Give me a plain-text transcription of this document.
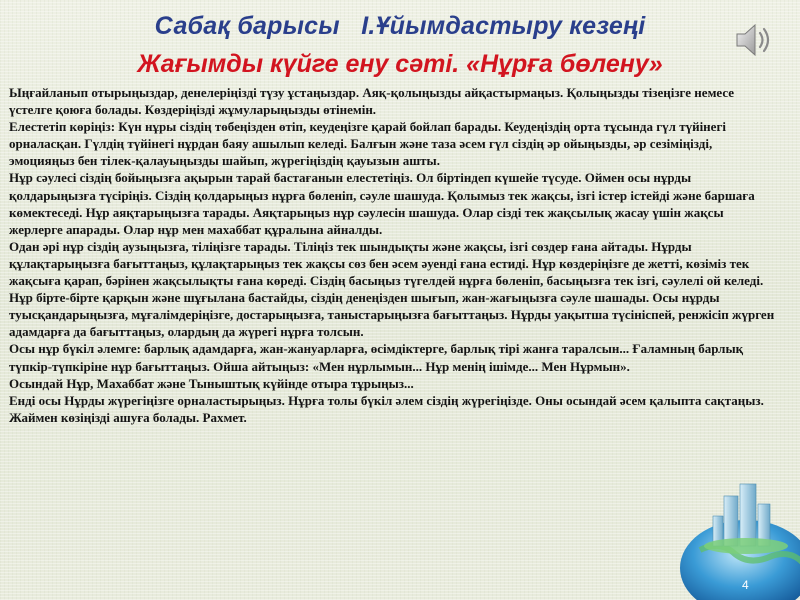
Сабақ барысы   І.Ұйымдастыру кезеңі
Жағымды күйге ену сәті. «Нұрға бөлену»

Ыңғайланып отырыңыздар, денелеріңізді түзу ұстаңыздар. Аяқ-қолыңызды айқастырмаңыз. Қолыңызды тізеңізге немесе үстелге қоюға болады. Көздеріңізді жұмуларыңызды өтінемін.

Елестетіп көріңіз: Күн нұры сіздің төбеңізден өтіп, кеудеңізге қарай бойлап барады. Кеудеңіздің орта тұсында гүл түйінегі орналасқан. Гүлдің түйінегі нұрдан баяу ашылып келеді. Балғын және таза әсем гүл сіздің әр ойыңызды, әр сезіміңізді, эмоцияңыз бен тілек-қалауыңызды шайып, жүрегіңіздің қауызын ашты.

Нұр сәулесі сіздің бойыңызға ақырын тарай бастағанын елестетіңіз. Ол біртіндеп күшейе түсуде. Оймен осы нұрды қолдарыңызға түсіріңіз. Сіздің қолдарыңыз нұрға бөленіп, сәуле шашуда. Қолымыз тек жақсы, ізгі істер істейді және баршаға көмектеседі. Нұр аяқтарыңызға тарады. Аяқтарыңыз нұр сәулесін шашуда. Олар сізді тек жақсылық жасау үшін жақсы жерлерге апарады. Олар нұр мен махаббат құралына айналды.

Одан әрі нұр сіздің аузыңызға, тіліңізге тарады. Тіліңіз тек шындықты және жақсы, ізгі сөздер ғана айтады. Нұрды құлақтарыңызға бағыттаңыз, құлақтарыңыз тек жақсы сөз бен әсем әуенді ғана естиді. Нұр көздеріңізге де жетті, көзіміз тек жақсыға қарап, бәрінен жақсылықты ғана көреді. Сіздің басыңыз түгелдей нұрға бөленіп, басыңызға тек ізгі, сәулелі ой келеді.

Нұр бірте-бірте қарқын және шұғылана бастайды, сіздің денеңізден шығып, жан-жағыңызға сәуле шашады. Осы нұрды туысқандарыңызға, мұғалімдеріңізге, достарыңызға, таныстарыңызға бағыттаңыз. Нұрды уақытша түсініспей, ренжісіп жүрген адамдарға да бағыттаңыз, олардың да жүрегі нұрға толсын.

Осы нұр бүкіл әлемге: барлық адамдарға, жан-жануарларға, өсімдіктерге, барлық тірі жанға таралсын... Ғаламның барлық түпкір-түпкіріне нұр бағыттаңыз. Ойша айтыңыз: «Мен нұрлымын... Нұр менің ішімде... Мен Нұрмын».

Осындай Нұр, Махаббат және Тыныштық күйінде отыра тұрыңыз...

Енді осы Нұрды жүрегіңізге орналастырыңыз. Нұрға толы бүкіл әлем сіздің жүрегіңізде. Оны осындай әсем қалыпта сақтаңыз. Жаймен көзіңізді ашуға болады. Рахмет.

4
